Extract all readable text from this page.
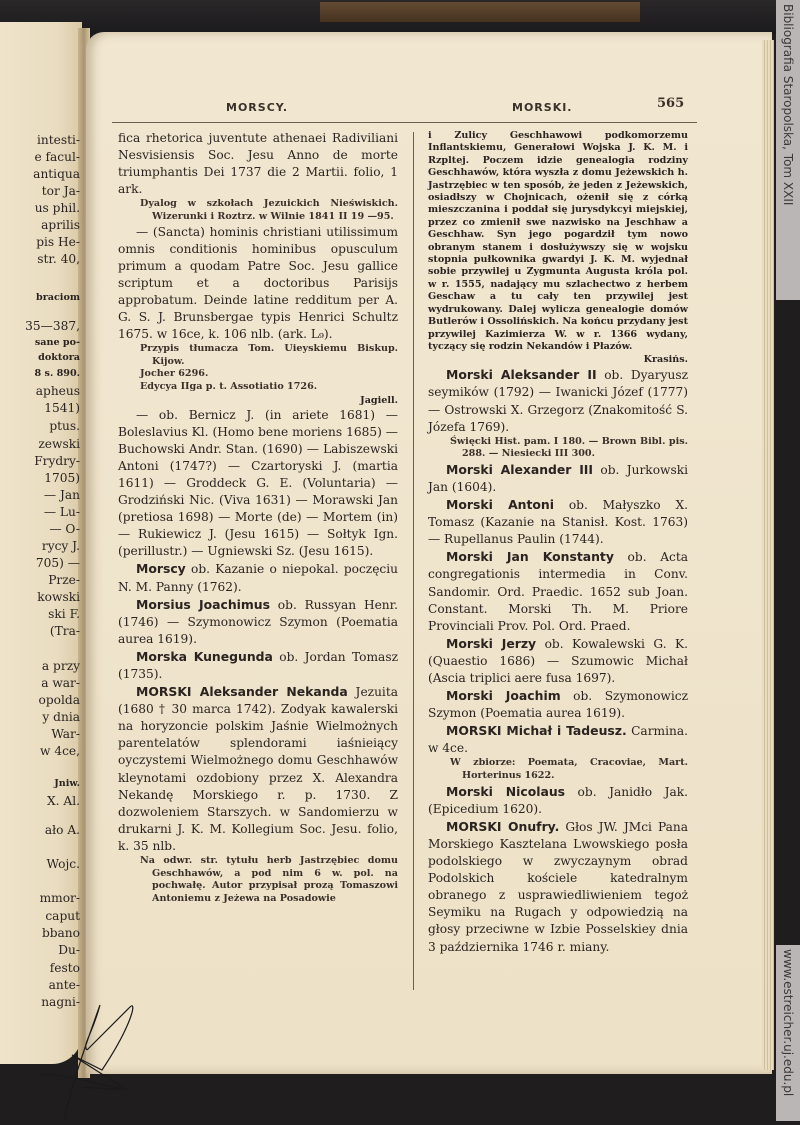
Bibliografia Staropolska, Tom XXII
www.estreicher.uj.edu.pl
intesti-
e facul-
antiqua
tor Ja-
us phil.
aprilis
pis He-
str. 40,
braciom
35—387,
sane po-
doktora
8 s. 890.
apheus
1541)
ptus.
zewski
Frydry-
1705)
— Jan
— Lu-
— O-
rycy J.
705) —
Prze-
kowski
ski F.
(Tra-
a przy
a war-
opolda
y dnia
War-
w 4ce,
Jniw.
X. Al.
ało A.
Wojc.
mmor-
caput
bbano
Du-
festo
ante-
nagni-
MORSCY.	MORSKI.	565

fica rhetorica juventute athenaei Radiviliani Nesvisiensis Soc. Jesu Anno de morte triumphantis Dei 1737 die 2 Martii. folio, 1 ark.

Dyalog w szkołach Jezuickich Nieświskich. Wizerunki i Roztrz. w Wilnie 1841 II 19 —95.

— (Sancta) hominis christiani utilissimum omnis conditionis hominibus opusculum primum a quodam Patre Soc. Jesu gallice scriptum et a doctoribus Parisijs approbatum. Deinde latine redditum per A. G. S. J. Brunsbergae typis Henrici Schultz 1675. w 16ce, k. 106 nlb. (ark. L₉).

Przypis tłumacza Tom. Uieyskiemu Biskup. Kijow.

Jocher 6296.

Edycya IIga p. t. Assotiatio 1726.

Jagiell.

— ob. Bernicz J. (in ariete 1681) — Boleslavius Kl. (Homo bene moriens 1685) — Buchowski Andr. Stan. (1690) — Labiszewski Antoni (1747?) — Czartoryski J. (martia 1611) — Groddeck G. E. (Voluntaria) — Grodziński Nic. (Viva 1631) — Morawski Jan (pretiosa 1698) — Morte (de) — Mortem (in) — Rukiewicz J. (Jesu 1615) — Sołtyk Ign. (perillustr.) — Ugniewski Sz. (Jesu 1615).

Morscy ob. Kazanie o niepokal. poczęciu N. M. Panny (1762).

Morsius Joachimus ob. Russyan Henr. (1746) — Szymonowicz Szymon (Poematia aurea 1619).

Morska Kunegunda ob. Jordan Tomasz (1735).

MORSKI Aleksander Nekanda Jezuita (1680 † 30 marca 1742). Zodyak kawalerski na horyzoncie polskim Jaśnie Wielmożnych parentelatów splendorami iaśnieiący oyczystemi Wielmożnego domu Geschhawów kleynotami ozdobiony przez X. Alexandra Nekandę Morskiego r. p. 1730. Z dozwoleniem Starszych. w Sandomierzu w drukarni J. K. M. Kollegium Soc. Jesu. folio, k. 35 nlb.

Na odwr. str. tytułu herb Jastrzębiec domu Geschhawów, a pod nim 6 w. pol. na pochwałę. Autor przypisał prozą Tomaszowi Antoniemu z Jeżewa na Posadowie

i Zulicy Geschhawowi podkomorzemu Inflantskiemu, Generałowi Wojska J. K. M. i Rzpltej. Poczem idzie genealogia rodziny Geschhawów, która wyszła z domu Jeżewskich h. Jastrzębiec w ten sposób, że jeden z Jeżewskich, osiadłszy w Chojnicach, ożenił się z córką mieszczanina i poddał się jurysdykcyi miejskiej, przez co zmienił swe nazwisko na Jeschhaw a Geschhaw. Syn jego pogardził tym nowo obranym stanem i dosłużywszy się w wojsku stopnia pułkownika gwardyi J. K. M. wyjednał sobie przywilej u Zygmunta Augusta króla pol. w r. 1555, nadający mu szlachectwo z herbem Geschaw a tu cały ten przywilej jest wydrukowany. Dalej wylicza genealogie domów Butlerów i Ossolińskich. Na końcu przydany jest przywilej Kazimierza W. w r. 1366 wydany, tyczący się rodzin Nekandów i Płazów.

Krasińs.

Morski Aleksander II ob. Dyaryusz seymików (1792) — Iwanicki Józef (1777) — Ostrowski X. Grzegorz (Znakomitość S. Józefa 1769).

Święcki Hist. pam. I 180. — Brown Bibl. pis. 288. — Niesiecki III 300.

Morski Alexander III ob. Jurkowski Jan (1604).

Morski Antoni ob. Małyszko X. Tomasz (Kazanie na Stanisł. Kost. 1763) — Rupellanus Paulin (1744).

Morski Jan Konstanty ob. Acta congregationis intermedia in Conv. Sandomir. Ord. Praedic. 1652 sub Joan. Constant. Morski Th. M. Priore Provinciali Prov. Pol. Ord. Praed.

Morski Jerzy ob. Kowalewski G. K. (Quaestio 1686) — Szumowic Michał (Ascia triplici aere fusa 1697).

Morski Joachim ob. Szymonowicz Szymon (Poematia aurea 1619).

MORSKI Michał i Tadeusz. Carmina. w 4ce.

W zbiorze: Poemata, Cracoviae, Mart. Horterinus 1622.

Morski Nicolaus ob. Janidło Jak. (Epicedium 1620).

MORSKI Onufry. Głos JW. JMci Pana Morskiego Kasztelana Lwowskiego posła podolskiego w zwyczaynym obrad Podolskich kościele katedralnym obranego z usprawiedliwieniem tegoż Seymiku na Rugach y odpowiedzią na głosy przeciwne w Izbie Posselskiey dnia 3 października 1746 r. miany.
